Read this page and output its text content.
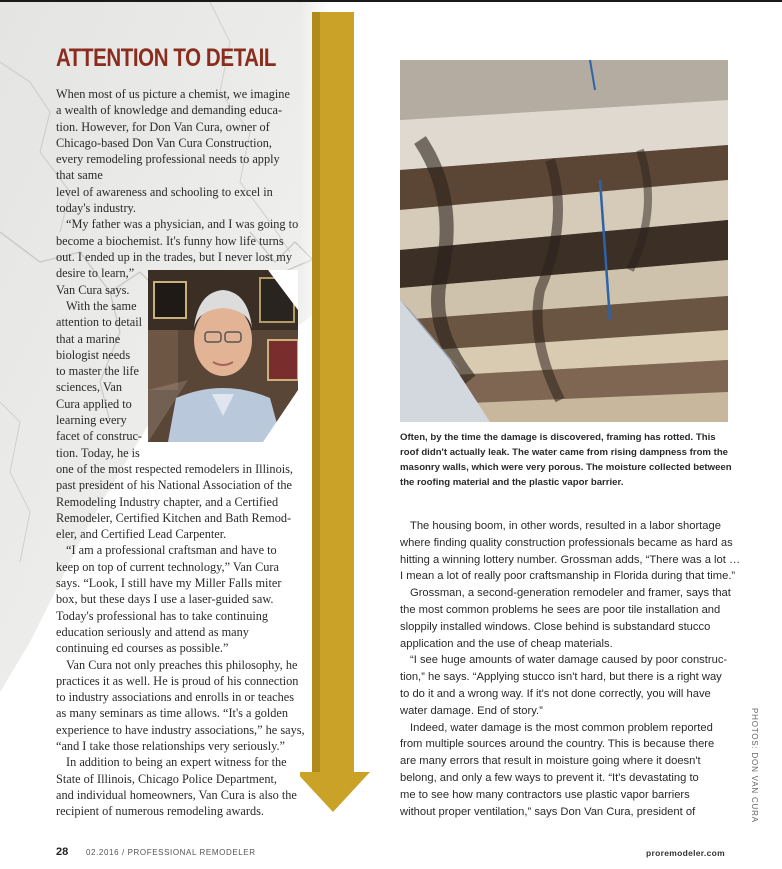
ATTENTION TO DETAIL

When most of us picture a chemist, we imagine

a wealth of knowledge and demanding educa-

tion. However, for Don Van Cura, owner of

Chicago-based Don Van Cura Construction,

every remodeling professional needs to apply

that same

level of awareness and schooling to excel in

today's industry.

“My father was a physician, and I was going to

become a biochemist. It's funny how life turns

out. I ended up in the trades, but I never lost my

desire to learn,”

Van Cura says.

With the same

attention to detail

that a marine

biologist needs

to master the life

sciences, Van

Cura applied to

learning every

facet of construc-

tion. Today, he is

one of the most respected remodelers in Illinois,

past president of his National Association of the

Remodeling Industry chapter, and a Certified

Remodeler, Certified Kitchen and Bath Remod-

eler, and Certified Lead Carpenter.

“I am a professional craftsman and have to

keep on top of current technology,” Van Cura

says. “Look, I still have my Miller Falls miter

box, but these days I use a laser-guided saw.

Today's professional has to take continuing

education seriously and attend as many

continuing ed courses as possible.”

Van Cura not only preaches this philosophy, he

practices it as well. He is proud of his connection

to industry associations and enrolls in or teaches

as many seminars as time allows. “It's a golden

experience to have industry associations,” he says,

“and I take those relationships very seriously.”

In addition to being an expert witness for the

State of Illinois, Chicago Police Department,

and individual homeowners, Van Cura is also the

recipient of numerous remodeling awards.

Often, by the time the damage is discovered, framing has rotted. This

roof didn't actually leak. The water came from rising dampness from the

masonry walls, which were very porous. The moisture collected between

the roofing material and the plastic vapor barrier.

The housing boom, in other words, resulted in a labor shortage

where finding quality construction professionals became as hard as

hitting a winning lottery number. Grossman adds, “There was a lot …

I mean a lot of really poor craftsmanship in Florida during that time.”

Grossman, a second-generation remodeler and framer, says that

the most common problems he sees are poor tile installation and

sloppily installed windows. Close behind is substandard stucco

application and the use of cheap materials.

“I see huge amounts of water damage caused by poor construc-

tion,” he says. “Applying stucco isn't hard, but there is a right way

to do it and a wrong way. If it's not done correctly, you will have

water damage. End of story.”

Indeed, water damage is the most common problem reported

from multiple sources around the country. This is because there

are many errors that result in moisture going where it doesn't

belong, and only a few ways to prevent it. “It's devastating to

me to see how many contractors use plastic vapor barriers

without proper ventilation,” says Don Van Cura, president of	PHOTOS: DON VAN CURA
28 02.2016 / PROFESSIONAL REMODELER	proremodeler.com
